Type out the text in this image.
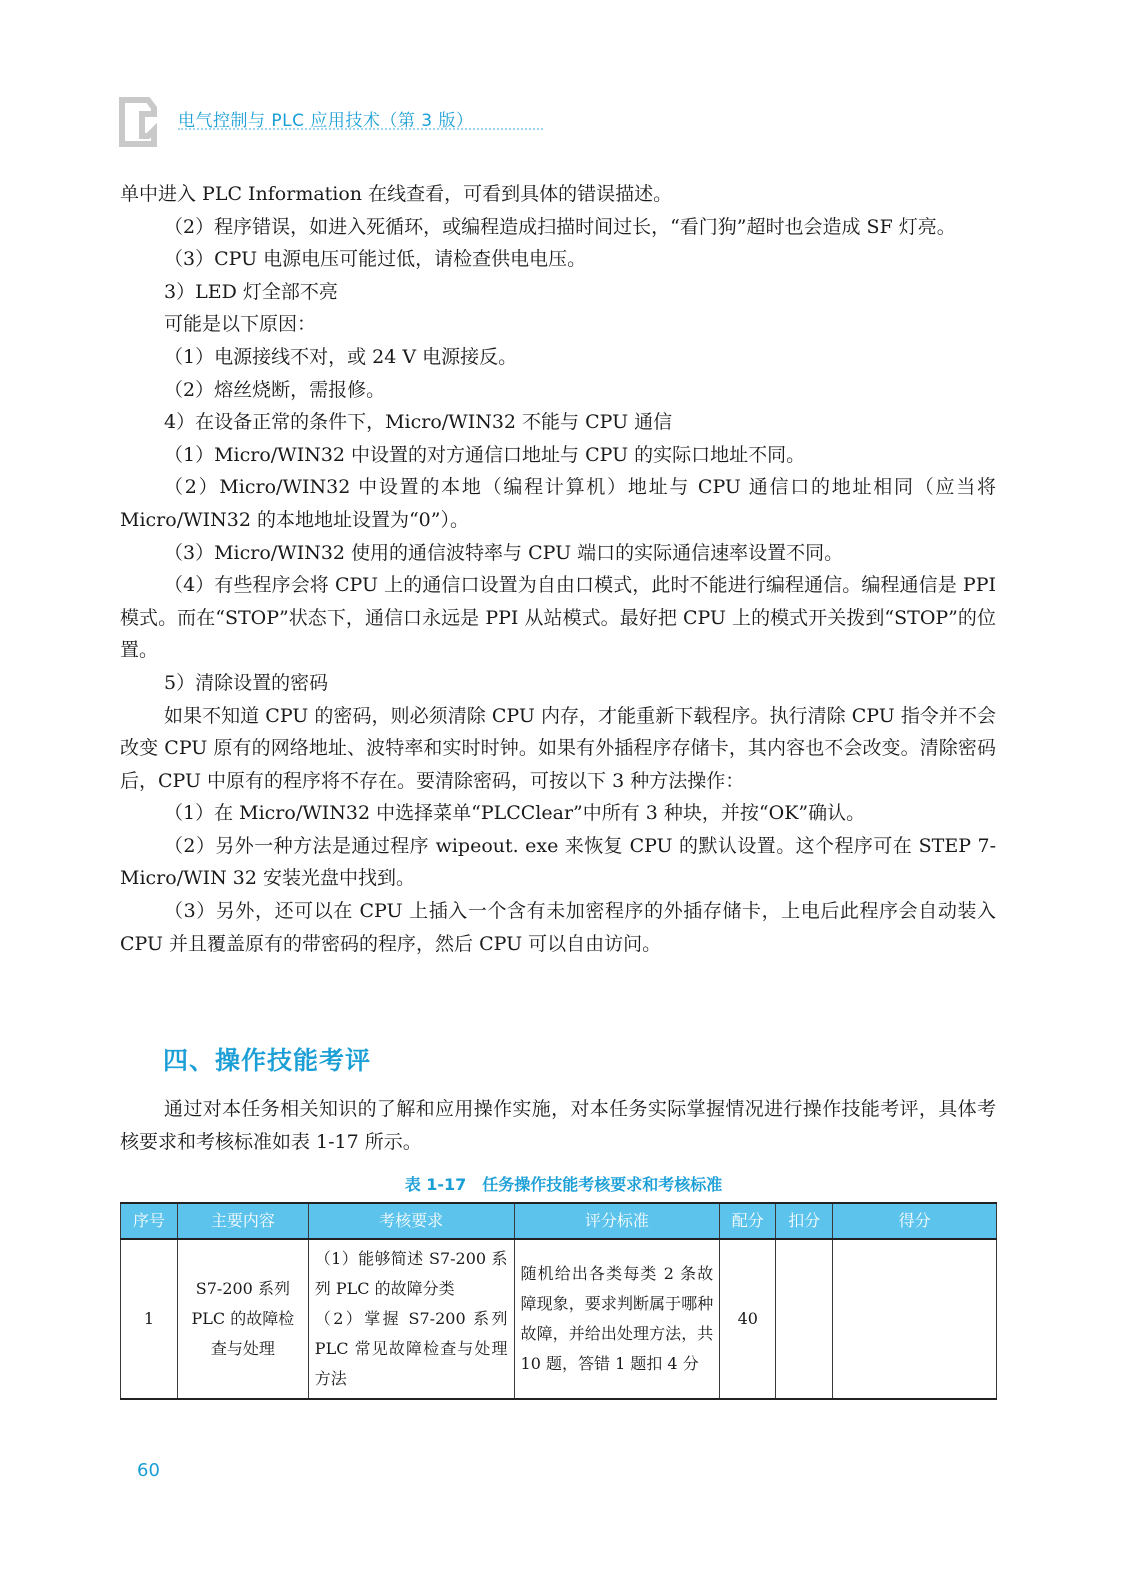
电气控制与 PLC 应用技术（第 3 版）

单中进入 PLC Information 在线查看，可看到具体的错误描述。

（2）程序错误，如进入死循环，或编程造成扫描时间过长，“看门狗”超时也会造成 SF 灯亮。

（3）CPU 电源电压可能过低，请检查供电电压。

3）LED 灯全部不亮

可能是以下原因：

（1）电源接线不对，或 24 V 电源接反。

（2）熔丝烧断，需报修。

4）在设备正常的条件下，Micro/WIN32 不能与 CPU 通信

（1）Micro/WIN32 中设置的对方通信口地址与 CPU 的实际口地址不同。

（2）Micro/WIN32 中设置的本地（编程计算机）地址与 CPU 通信口的地址相同（应当将 Micro/WIN32 的本地地址设置为“0”）。

（3）Micro/WIN32 使用的通信波特率与 CPU 端口的实际通信速率设置不同。

（4）有些程序会将 CPU 上的通信口设置为自由口模式，此时不能进行编程通信。编程通信是 PPI 模式。而在“STOP”状态下，通信口永远是 PPI 从站模式。最好把 CPU 上的模式开关拨到“STOP”的位置。

5）清除设置的密码

如果不知道 CPU 的密码，则必须清除 CPU 内存，才能重新下载程序。执行清除 CPU 指令并不会改变 CPU 原有的网络地址、波特率和实时时钟。如果有外插程序存储卡，其内容也不会改变。清除密码后，CPU 中原有的程序将不存在。要清除密码，可按以下 3 种方法操作：

（1）在 Micro/WIN32 中选择菜单“PLCClear”中所有 3 种块，并按“OK”确认。

（2）另外一种方法是通过程序 wipeout. exe 来恢复 CPU 的默认设置。这个程序可在 STEP 7-Micro/WIN 32 安装光盘中找到。

（3）另外，还可以在 CPU 上插入一个含有未加密程序的外插存储卡，上电后此程序会自动装入 CPU 并且覆盖原有的带密码的程序，然后 CPU 可以自由访问。

四、操作技能考评

通过对本任务相关知识的了解和应用操作实施，对本任务实际掌握情况进行操作技能考评，具体考核要求和考核标准如表 1-17 所示。

表 1-17　任务操作技能考核要求和考核标准
序号	主要内容	考核要求	评分标准	配分	扣分	得分
1	S7-200 系列 PLC 的故障检查与处理	（1）能够简述 S7-200 系列 PLC 的故障分类
（2）掌握 S7-200 系列 PLC 常见故障检查与处理方法	随机给出各类每类 2 条故障现象，要求判断属于哪种故障，并给出处理方法，共 10 题，答错 1 题扣 4 分	40		
60
